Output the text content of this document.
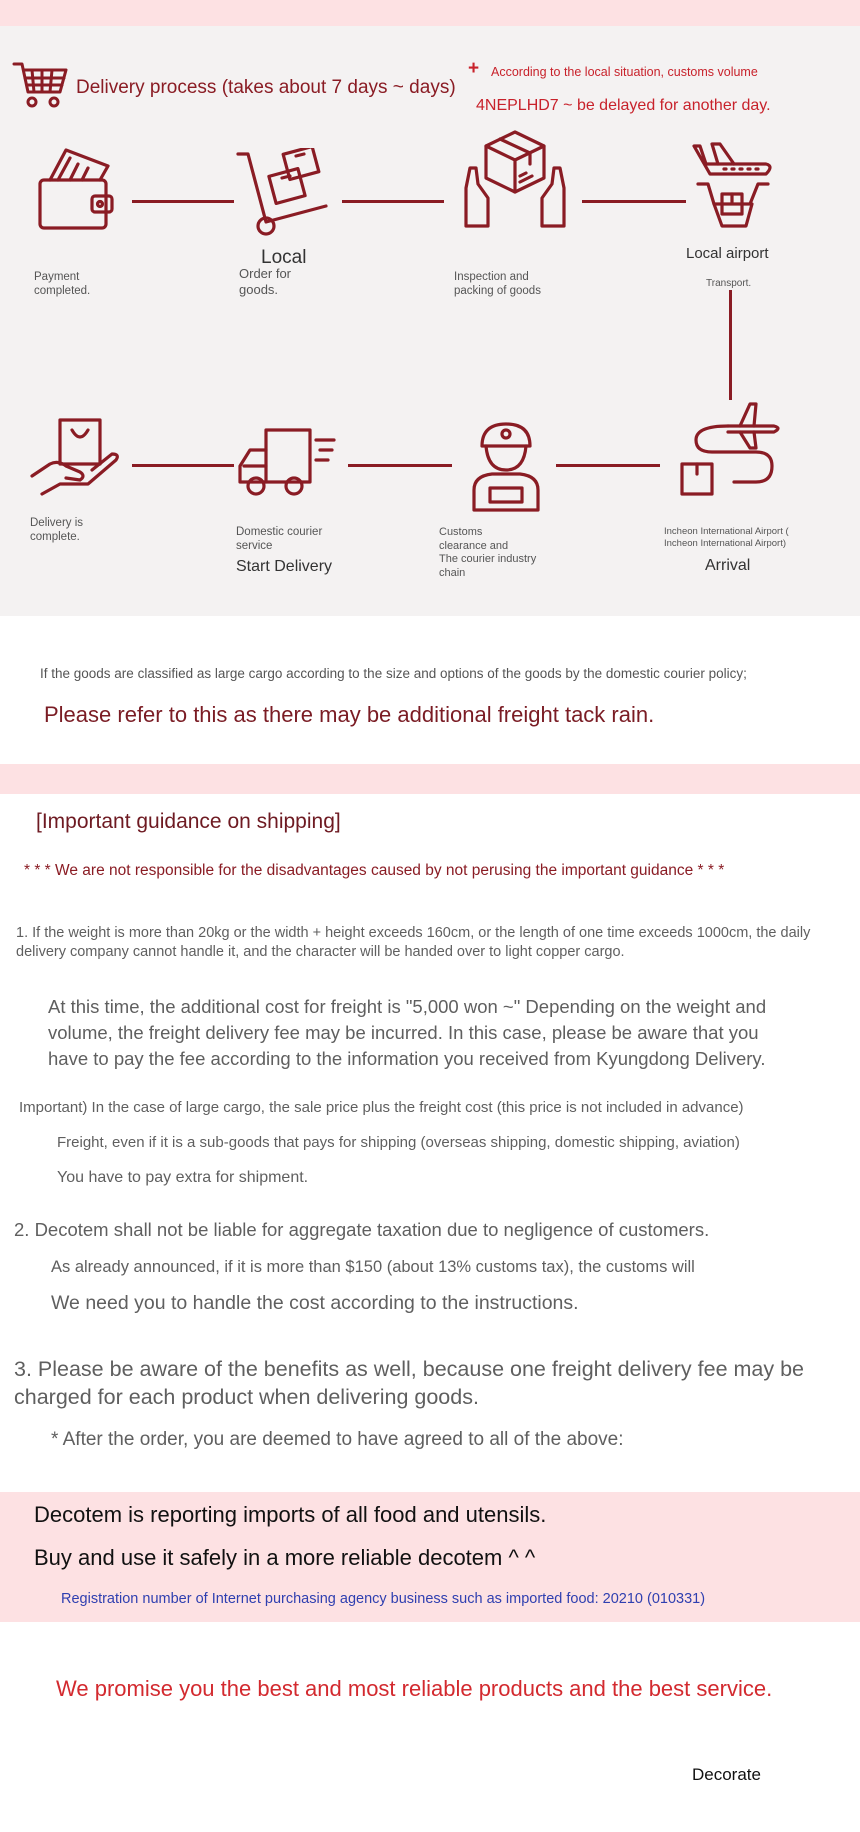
Delivery process (takes about 7 days ~ days)
+ According to the local situation, customs volume
4NEPLHD7 ~ be delayed for another day.
Payment
completed.
Local
Order for
goods.
Inspection and
packing of goods
Local airport
Transport.
Delivery is
complete.	Domestic courier
service
Start Delivery
Customs
clearance and
The courier industry
chain
Incheon International Airport (
Incheon International Airport)
Arrival
If the goods are classified as large cargo according to the size and options of the goods by the domestic courier policy;
Please refer to this as there may be additional freight tack rain.
[Important guidance on shipping]
* * * We are not responsible for the disadvantages caused by not perusing the important guidance * * *
1. If the weight is more than 20kg or the width + height exceeds 160cm, or the length of one time exceeds 1000cm, the daily delivery company cannot handle it, and the character will be handed over to light copper cargo.
At this time, the additional cost for freight is "5,000 won ~" Depending on the weight and volume, the freight delivery fee may be incurred. In this case, please be aware that you have to pay the fee according to the information you received from Kyungdong Delivery.
Important) In the case of large cargo, the sale price plus the freight cost (this price is not included in advance)
Freight, even if it is a sub-goods that pays for shipping (overseas shipping, domestic shipping, aviation)
You have to pay extra for shipment.
2. Decotem shall not be liable for aggregate taxation due to negligence of customers.
As already announced, if it is more than $150 (about 13% customs tax), the customs will
We need you to handle the cost according to the instructions.
3. Please be aware of the benefits as well, because one freight delivery fee may be charged for each product when delivering goods.
* After the order, you are deemed to have agreed to all of the above:
Decotem is reporting imports of all food and utensils.
Buy and use it safely in a more reliable decotem ^ ^
Registration number of Internet purchasing agency business such as imported food: 20210 (010331)
We promise you the best and most reliable products and the best service.
Decorate
